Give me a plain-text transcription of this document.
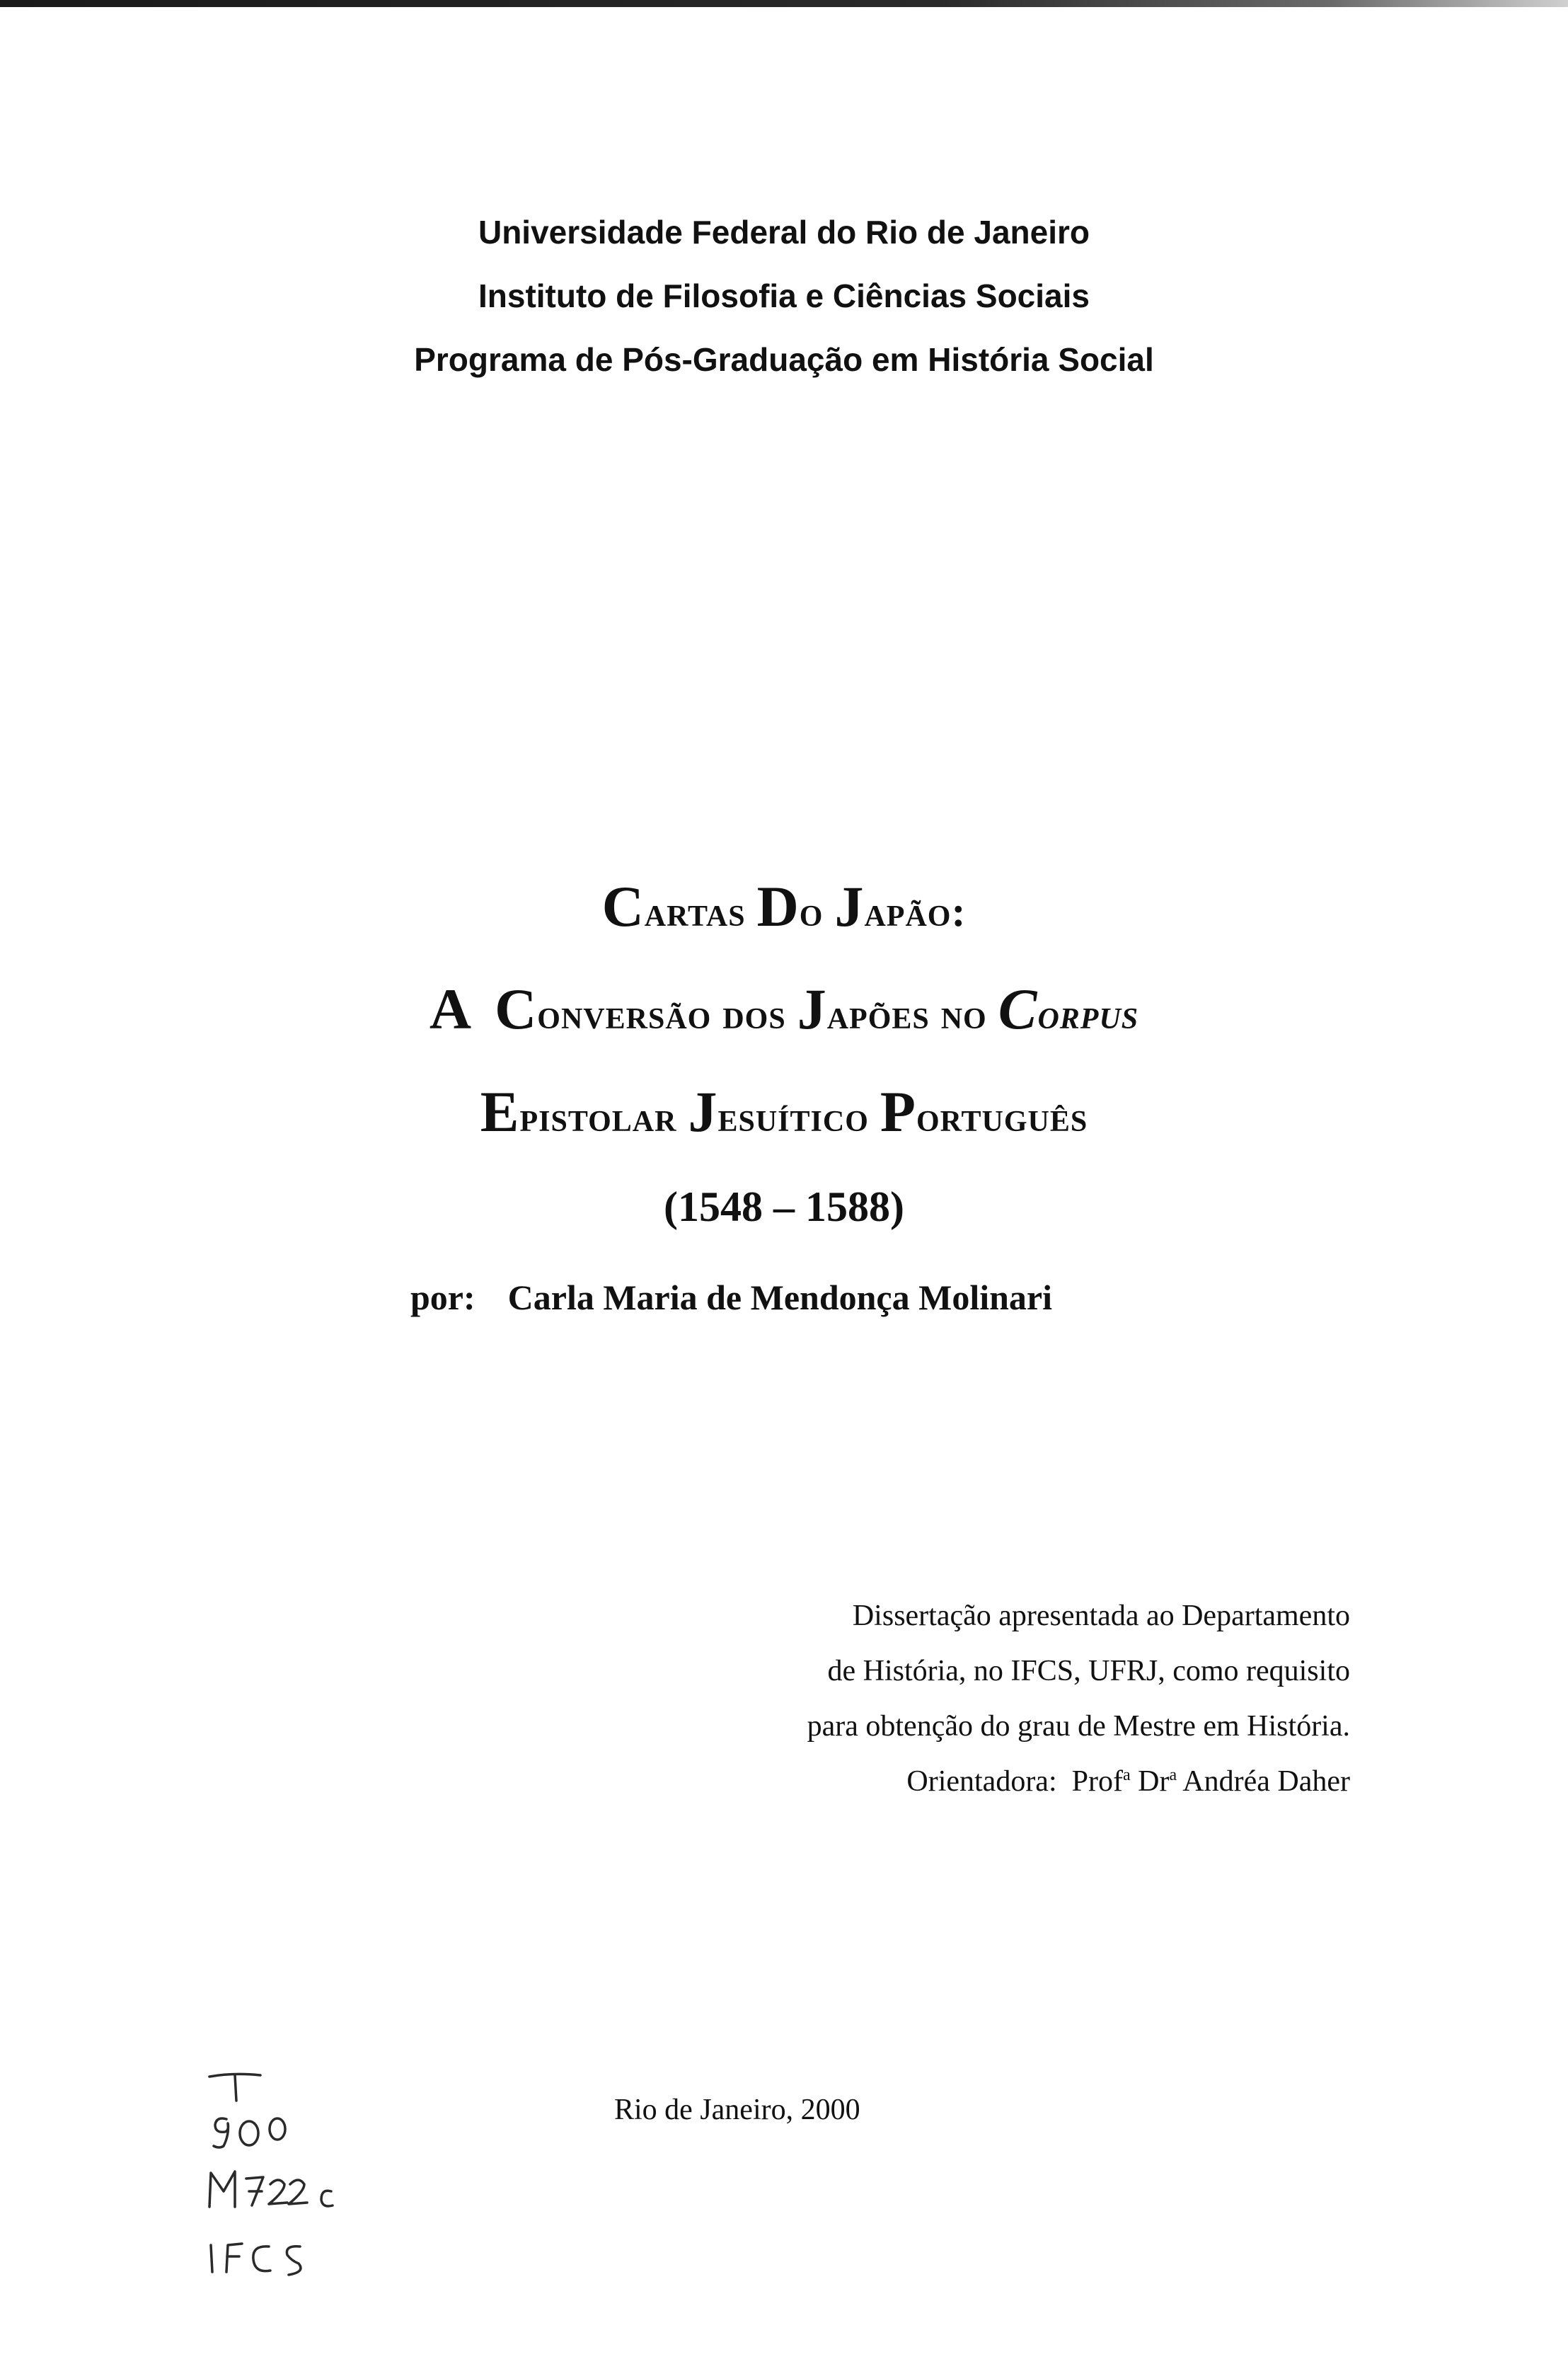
Universidade Federal do Rio de Janeiro
Instituto de Filosofia e Ciências Sociais
Programa de Pós-Graduação em História Social
Cartas Do Japão:
A Conversão dos Japões no Corpus
Epistolar Jesuítico Português
(1548 – 1588)
por: Carla Maria de Mendonça Molinari
Dissertação apresentada ao Departamento
de História, no IFCS, UFRJ, como requisito
para obtenção do grau de Mestre em História.
Orientadora: Prof$^a$ Dr$^a$ Andréa Daher
Rio de Janeiro, 2000
